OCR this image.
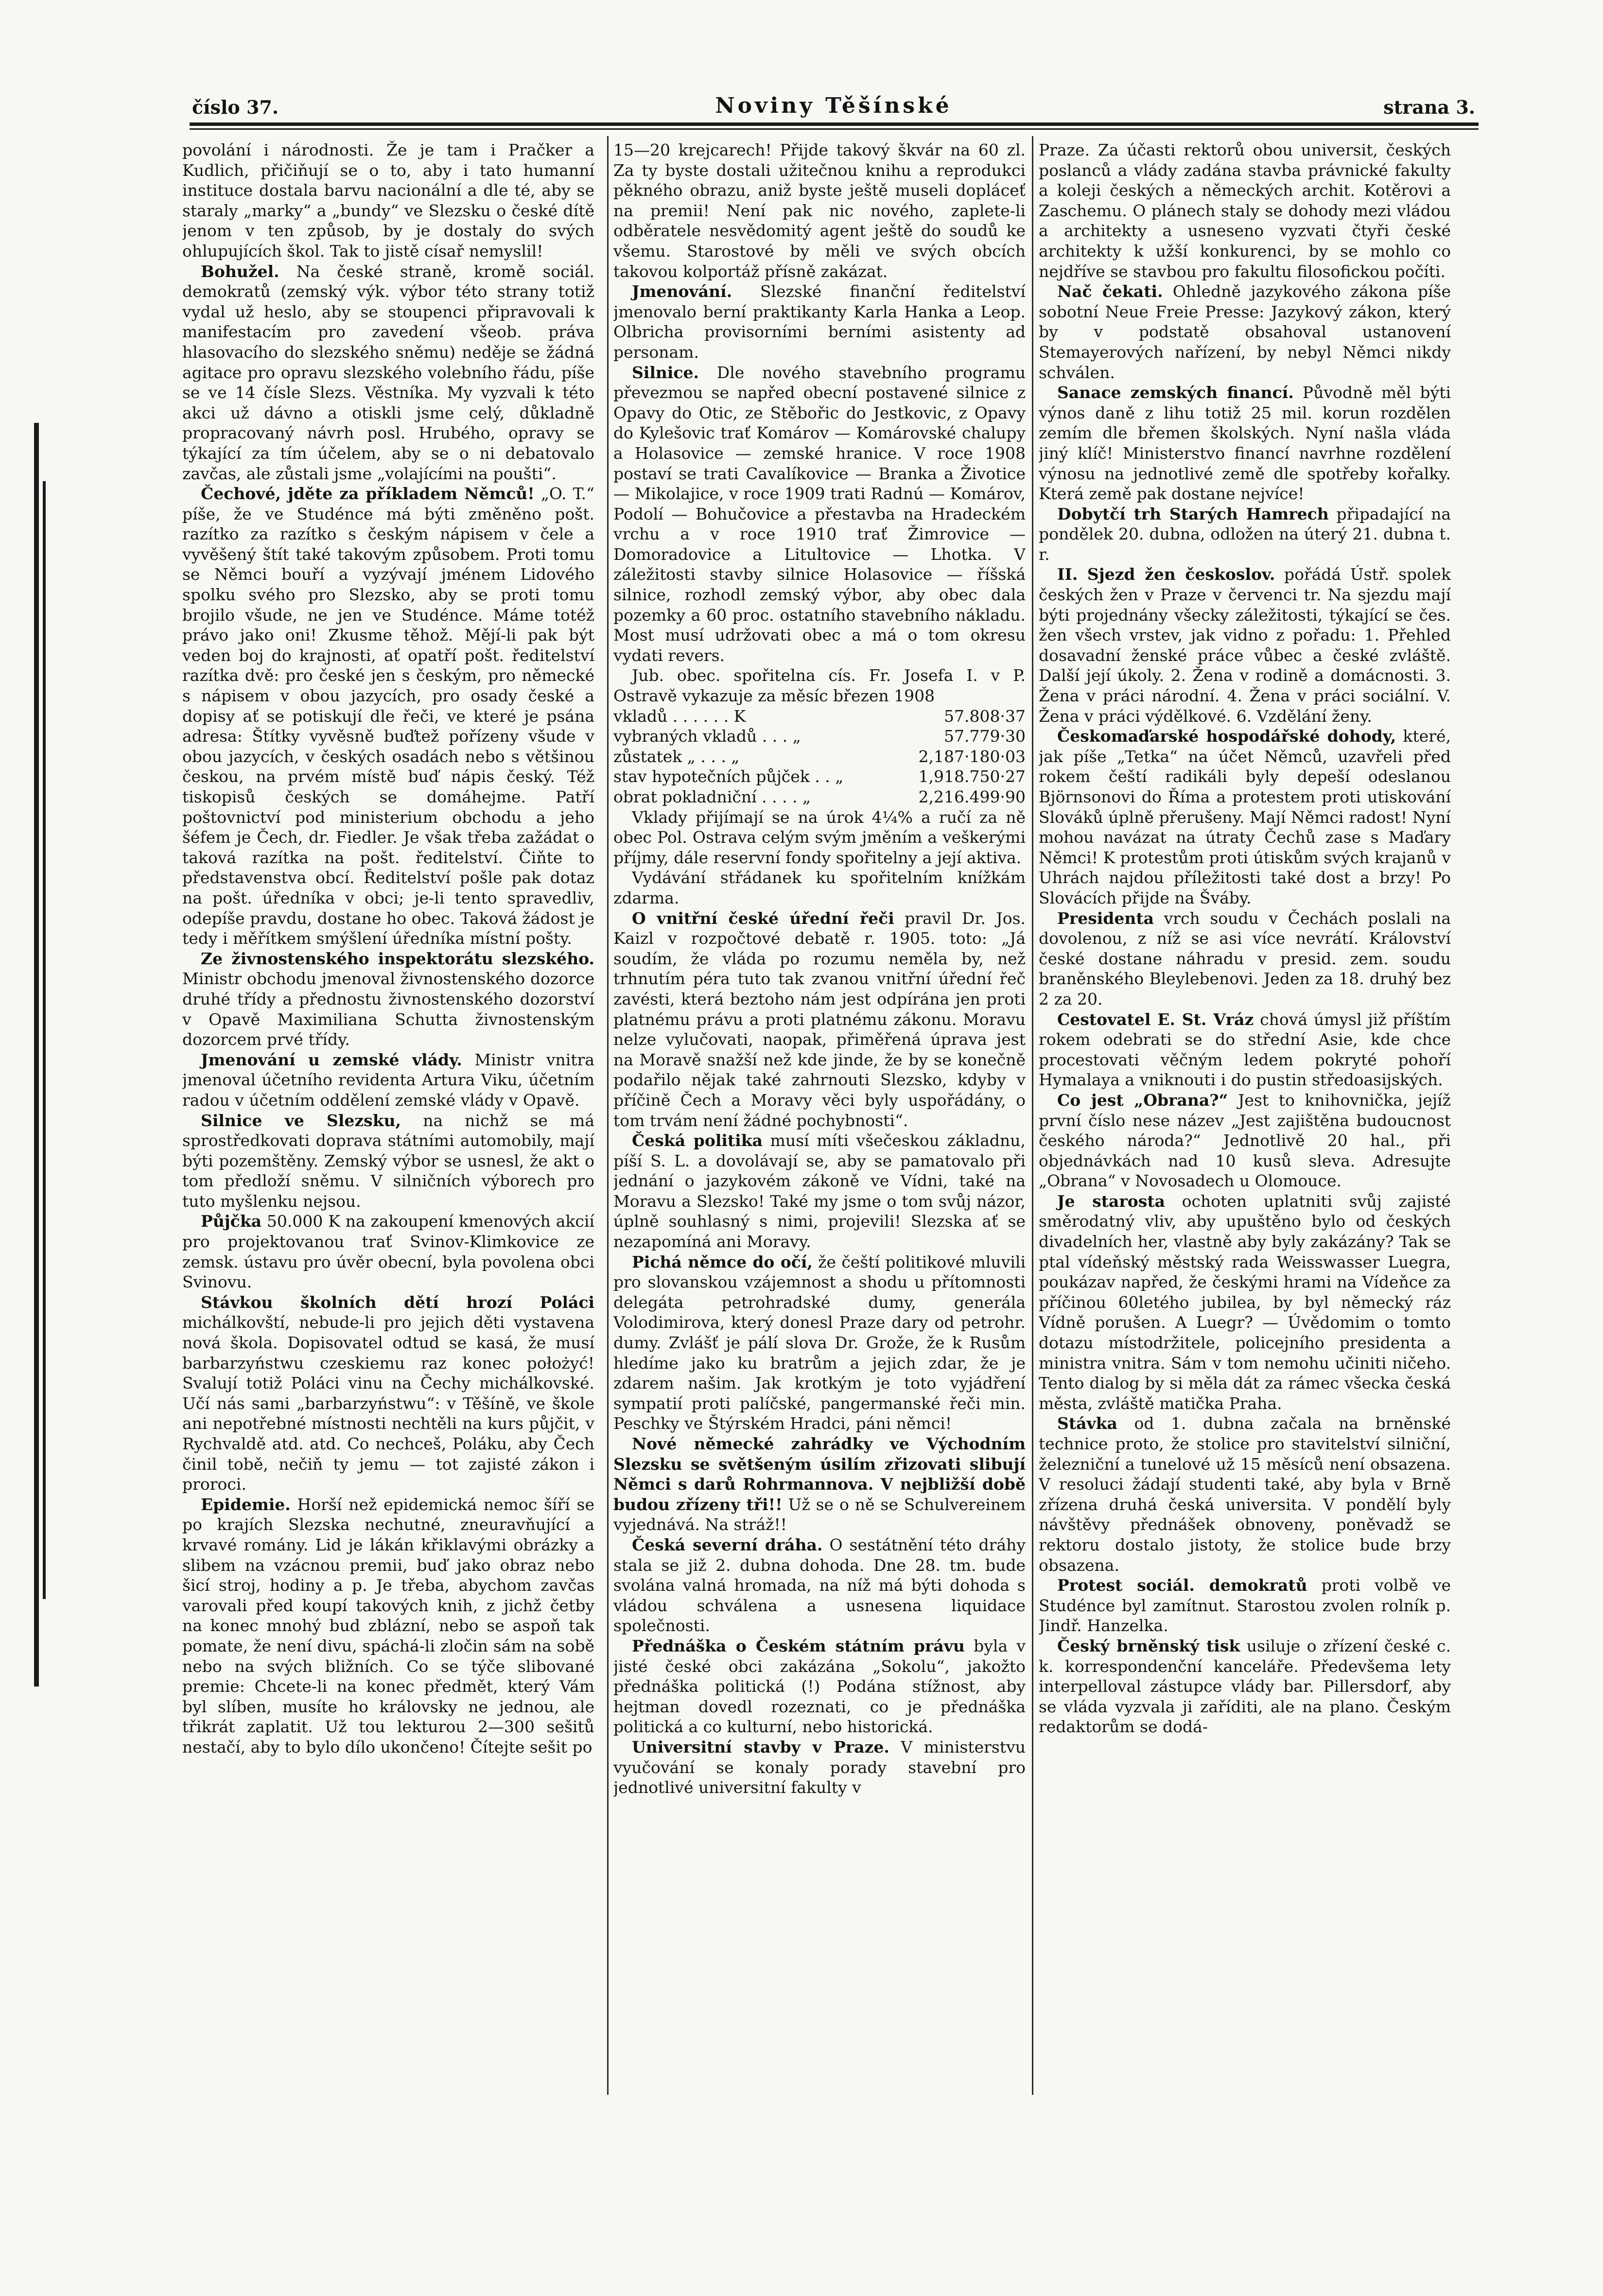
číslo 37.	Noviny Těšínské	strana 3.

povolání i národnosti. Že je tam i Pračker a Kudlich, přičiňují se o to, aby i tato humanní instituce dostala barvu nacionální a dle té, aby se staraly „marky“ a „bundy“ ve Slezsku o české dítě jenom v ten způsob, by je dostaly do svých ohlupujících škol. Tak to jistě císař nemyslil!

Bohužel. Na české straně, kromě sociál. demokratů (zemský výk. výbor této strany totiž vydal už heslo, aby se stoupenci připravovali k manifestacím pro zavedení všeob. práva hlasovacího do slezského sněmu) neděje se žádná agitace pro opravu slezského volebního řádu, píše se ve 14 čísle Slezs. Věstníka. My vyzvali k této akci už dávno a otiskli jsme celý, důkladně propracovaný návrh posl. Hrubého, opravy se týkající za tím účelem, aby se o ni debatovalo zavčas, ale zůstali jsme „volajícími na poušti“.

Čechové, jděte za příkladem Němců! „O. T.“ píše, že ve Studénce má býti změněno pošt. razítko za razítko s českým nápisem v čele a vyvěšený štít také takovým způsobem. Proti tomu se Němci bouří a vyzývají jménem Lidového spolku svého pro Slezsko, aby se proti tomu brojilo všude, ne jen ve Studénce. Máme totéž právo jako oni! Zkusme těhož. Mějí-li pak být veden boj do krajnosti, ať opatří pošt. ředitelství razítka dvě: pro české jen s českým, pro německé s nápisem v obou jazycích, pro osady české a dopisy ať se potiskují dle řeči, ve které je psána adresa: Štítky vyvěsně buďtež pořízeny všude v obou jazycích, v českých osadách nebo s většinou českou, na prvém místě buď nápis český. Též tiskopisů českých se domáhejme. Patří poštovnictví pod ministerium obchodu a jeho šéfem je Čech, dr. Fiedler. Je však třeba zažádat o taková razítka na pošt. ředitelství. Čiňte to představenstva obcí. Ředitelství pošle pak dotaz na pošt. úředníka v obci; je-li tento spravedliv, odepíše pravdu, dostane ho obec. Taková žádost je tedy i měřítkem smýšlení úředníka místní pošty.

Ze živnostenského inspektorátu slezského. Ministr obchodu jmenoval živnostenského dozorce druhé třídy a přednostu živnostenského dozorství v Opavě Maximiliana Schutta živnostenským dozorcem prvé třídy.

Jmenování u zemské vlády. Ministr vnitra jmenoval účetního revidenta Artura Viku, účetním radou v účetním oddělení zemské vlády v Opavě.

Silnice ve Slezsku, na nichž se má sprostředkovati doprava státními automobily, mají býti pozemštěny. Zemský výbor se usnesl, že akt o tom předloží sněmu. V silničních výborech pro tuto myšlenku nejsou.

Půjčka 50.000 K na zakoupení kmenových akcií pro projektovanou trať Svinov-Klimkovice ze zemsk. ústavu pro úvěr obecní, byla povolena obci Svinovu.

Stávkou školních dětí hrozí Poláci michálkovští, nebude-li pro jejich děti vystavena nová škola. Dopisovatel odtud se kasá, že musí barbarzyństwu czeskiemu raz konec położyć! Svalují totiž Poláci vinu na Čechy michálkovské. Učí nás sami „barbarzyństwu“: v Těšíně, ve škole ani nepotřebné místnosti nechtěli na kurs půjčit, v Rychvaldě atd. atd. Co nechceš, Poláku, aby Čech činil tobě, nečiň ty jemu — tot zajisté zákon i proroci.

Epidemie. Horší než epidemická nemoc šíří se po krajích Slezska nechutné, zneuravňující a krvavé romány. Lid je lákán křiklavými obrázky a slibem na vzácnou premii, buď jako obraz nebo šicí stroj, hodiny a p. Je třeba, abychom zavčas varovali před koupí takových knih, z jichž četby na konec mnohý bud zblázní, nebo se aspoň tak pomate, že není divu, spáchá-li zločin sám na sobě nebo na svých bližních. Co se týče slibované premie: Chcete-li na konec předmět, který Vám byl slíben, musíte ho královsky ne jednou, ale třikrát zaplatit. Už tou lekturou 2—300 sešitů nestačí, aby to bylo dílo ukončeno! Čítejte sešit po

15—20 krejcarech! Přijde takový škvár na 60 zl. Za ty byste dostali užitečnou knihu a reprodukci pěkného obrazu, aniž byste ještě museli dopláceť na premii! Není pak nic nového, zaplete-li odběratele nesvědomitý agent ještě do soudů ke všemu. Starostové by měli ve svých obcích takovou kolportáž přísně zakázat.

Jmenování. Slezské finanční ředitelství jmenovalo berní praktikanty Karla Hanka a Leop. Olbricha provisorními berními asistenty ad personam.

Silnice. Dle nového stavebního programu převezmou se napřed obecní postavené silnice z Opavy do Otic, ze Stěbořic do Jestkovic, z Opavy do Kylešovic trať Komárov — Komárovské chalupy a Holasovice — zemské hranice. V roce 1908 postaví se trati Cavalíkovice — Branka a Životice — Mikolajice, v roce 1909 trati Radnú — Komárov, Podolí — Bohučovice a přestavba na Hradeckém vrchu a v roce 1910 trať Žimrovice — Domoradovice a Litultovice — Lhotka. V záležitosti stavby silnice Holasovice — říšská silnice, rozhodl zemský výbor, aby obec dala pozemky a 60 proc. ostatního stavebního nákladu. Most musí udržovati obec a má o tom okresu vydati revers.

Jub. obec. spořitelna cís. Fr. Josefa I. v P. Ostravě vykazuje za měsíc březen 1908

vkladů . . . . . . K	57.808·37
vybraných vkladů . . . „	57.779·30
zůstatek „ . . . „	2,187·180·03
stav hypotečních půjček . . „	1,918.750·27
obrat pokladniční . . . . „	2,216.499·90

Vklady přijímají se na úrok 4¼% a ručí za ně obec Pol. Ostrava celým svým jměním a veškerými příjmy, dále reservní fondy spořitelny a její aktiva.

Vydávání střádanek ku spořitelním knížkám zdarma.

O vnitřní české úřední řeči pravil Dr. Jos. Kaizl v rozpočtové debatě r. 1905. toto: „Já soudím, že vláda po rozumu neměla by, než trhnutím péra tuto tak zvanou vnitřní úřední řeč zavésti, která beztoho nám jest odpírána jen proti platnému právu a proti platnému zákonu. Moravu nelze vylučovati, naopak, přiměřená úprava jest na Moravě snažší než kde jinde, že by se konečně podařilo nějak také zahrnouti Slezsko, kdyby v příčině Čech a Moravy věci byly uspořádány, o tom trvám není žádné pochybnosti“.

Česká politika musí míti všečeskou základnu, píší S. L. a dovolávají se, aby se pamatovalo při jednání o jazykovém zákoně ve Vídni, také na Moravu a Slezsko! Také my jsme o tom svůj názor, úplně souhlasný s nimi, projevili! Slezska ať se nezapomíná ani Moravy.

Pichá němce do očí, že čeští politikové mluvili pro slovanskou vzájemnost a shodu u přítomnosti delegáta petrohradské dumy, generála Volodimirova, který donesl Praze dary od petrohr. dumy. Zvlášť je pálí slova Dr. Grože, že k Rusům hledíme jako ku bratrům a jejich zdar, že je zdarem našim. Jak krotkým je toto vyjádření sympatií proti palíčské, pangermanské řeči min. Peschky ve Štýrském Hradci, páni němci!

Nové německé zahrádky ve Východním Slezsku se světšeným úsilím zřizovati slibují Němci s darů Rohrmannova. V nejbližší době budou zřízeny tři!! Už se o ně se Schulvereinem vyjednává. Na stráž!!

Česká severní dráha. O sestátnění této dráhy stala se již 2. dubna dohoda. Dne 28. tm. bude svolána valná hromada, na níž má býti dohoda s vládou schválena a usnesena liquidace společnosti.

Přednáška o Českém státním právu byla v jisté české obci zakázána „Sokolu“, jakožto přednáška politická (!) Podána stížnost, aby hejtman dovedl rozeznati, co je přednáška politická a co kulturní, nebo historická.

Universitní stavby v Praze. V ministerstvu vyučování se konaly porady stavební pro jednotlivé universitní fakulty v

Praze. Za účasti rektorů obou universit, českých poslanců a vlády zadána stavba právnické fakulty a koleji českých a německých archit. Kotěrovi a Zaschemu. O plánech staly se dohody mezi vládou a architekty a usneseno vyzvati čtyři české architekty k užší konkurenci, by se mohlo co nejdříve se stavbou pro fakultu filosofickou počíti.

Nač čekati. Ohledně jazykového zákona píše sobotní Neue Freie Presse: Jazykový zákon, který by v podstatě obsahoval ustanovení Stemayerových nařízení, by nebyl Němci nikdy schválen.

Sanace zemských financí. Původně měl býti výnos daně z lihu totiž 25 mil. korun rozdělen zemím dle břemen školských. Nyní našla vláda jiný klíč! Ministerstvo financí navrhne rozdělení výnosu na jednotlivé země dle spotřeby kořalky. Která země pak dostane nejvíce!

Dobytčí trh Starých Hamrech připadající na pondělek 20. dubna, odložen na úterý 21. dubna t. r.

II. Sjezd žen českoslov. pořádá Ústř. spolek českých žen v Praze v červenci tr. Na sjezdu mají býti projednány všecky záležitosti, týkající se čes. žen všech vrstev, jak vidno z pořadu: 1. Přehled dosavadní ženské práce vůbec a české zvláště. Další její úkoly. 2. Žena v rodině a domácnosti. 3. Žena v práci národní. 4. Žena v práci sociální. V. Žena v práci výdělkové. 6. Vzdělání ženy.

Českomaďarské hospodářské dohody, které, jak píše „Tetka“ na účet Němců, uzavřeli před rokem čeští radikáli byly depeší odeslanou Björnsonovi do Říma a protestem proti utiskování Slováků úplně přerušeny. Mají Němci radost! Nyní mohou navázat na útraty Čechů zase s Maďary Němci! K protestům proti útiskům svých krajanů v Uhrách najdou příležitosti také dost a brzy! Po Slovácích přijde na Šváby.

Presidenta vrch soudu v Čechách poslali na dovolenou, z níž se asi více nevrátí. Království české dostane náhradu v presid. zem. soudu braněnského Bleylebenovi. Jeden za 18. druhý bez 2 za 20.

Cestovatel E. St. Vráz chová úmysl již příštím rokem odebrati se do střední Asie, kde chce procestovati věčným ledem pokryté pohoří Hymalaya a vniknouti i do pustin středoasijských.

Co jest „Obrana?“ Jest to knihovnička, jejíž první číslo nese název „Jest zajištěna budoucnost českého národa?“ Jednotlivě 20 hal., při objednávkách nad 10 kusů sleva. Adresujte „Obrana“ v Novosadech u Olomouce.

Je starosta ochoten uplatniti svůj zajisté směrodatný vliv, aby upuštěno bylo od českých divadelních her, vlastně aby byly zakázány? Tak se ptal vídeňský městský rada Weisswasser Luegra, poukázav napřed, že českými hrami na Vídeňce za příčinou 60letého jubilea, by byl německý ráz Vídně porušen. A Luegr? — Úvědomim o tomto dotazu místodržitele, policejního presidenta a ministra vnitra. Sám v tom nemohu učiniti ničeho. Tento dialog by si měla dát za rámec všecka česká města, zvláště matička Praha.

Stávka od 1. dubna začala na brněnské technice proto, že stolice pro stavitelství silniční, železniční a tunelové už 15 měsíců není obsazena. V resoluci žádají studenti také, aby byla v Brně zřízena druhá česká universita. V pondělí byly návštěvy přednášek obnoveny, poněvadž se rektoru dostalo jistoty, že stolice bude brzy obsazena.

Protest sociál. demokratů proti volbě ve Studénce byl zamítnut. Starostou zvolen rolník p. Jindř. Hanzelka.

Český brněnský tisk usiluje o zřízení české c. k. korrespondenční kanceláře. Předevšema lety interpelloval zástupce vlády bar. Pillersdorf, aby se vláda vyzvala ji zaříditi, ale na plano. Českým redaktorům se dodá-
